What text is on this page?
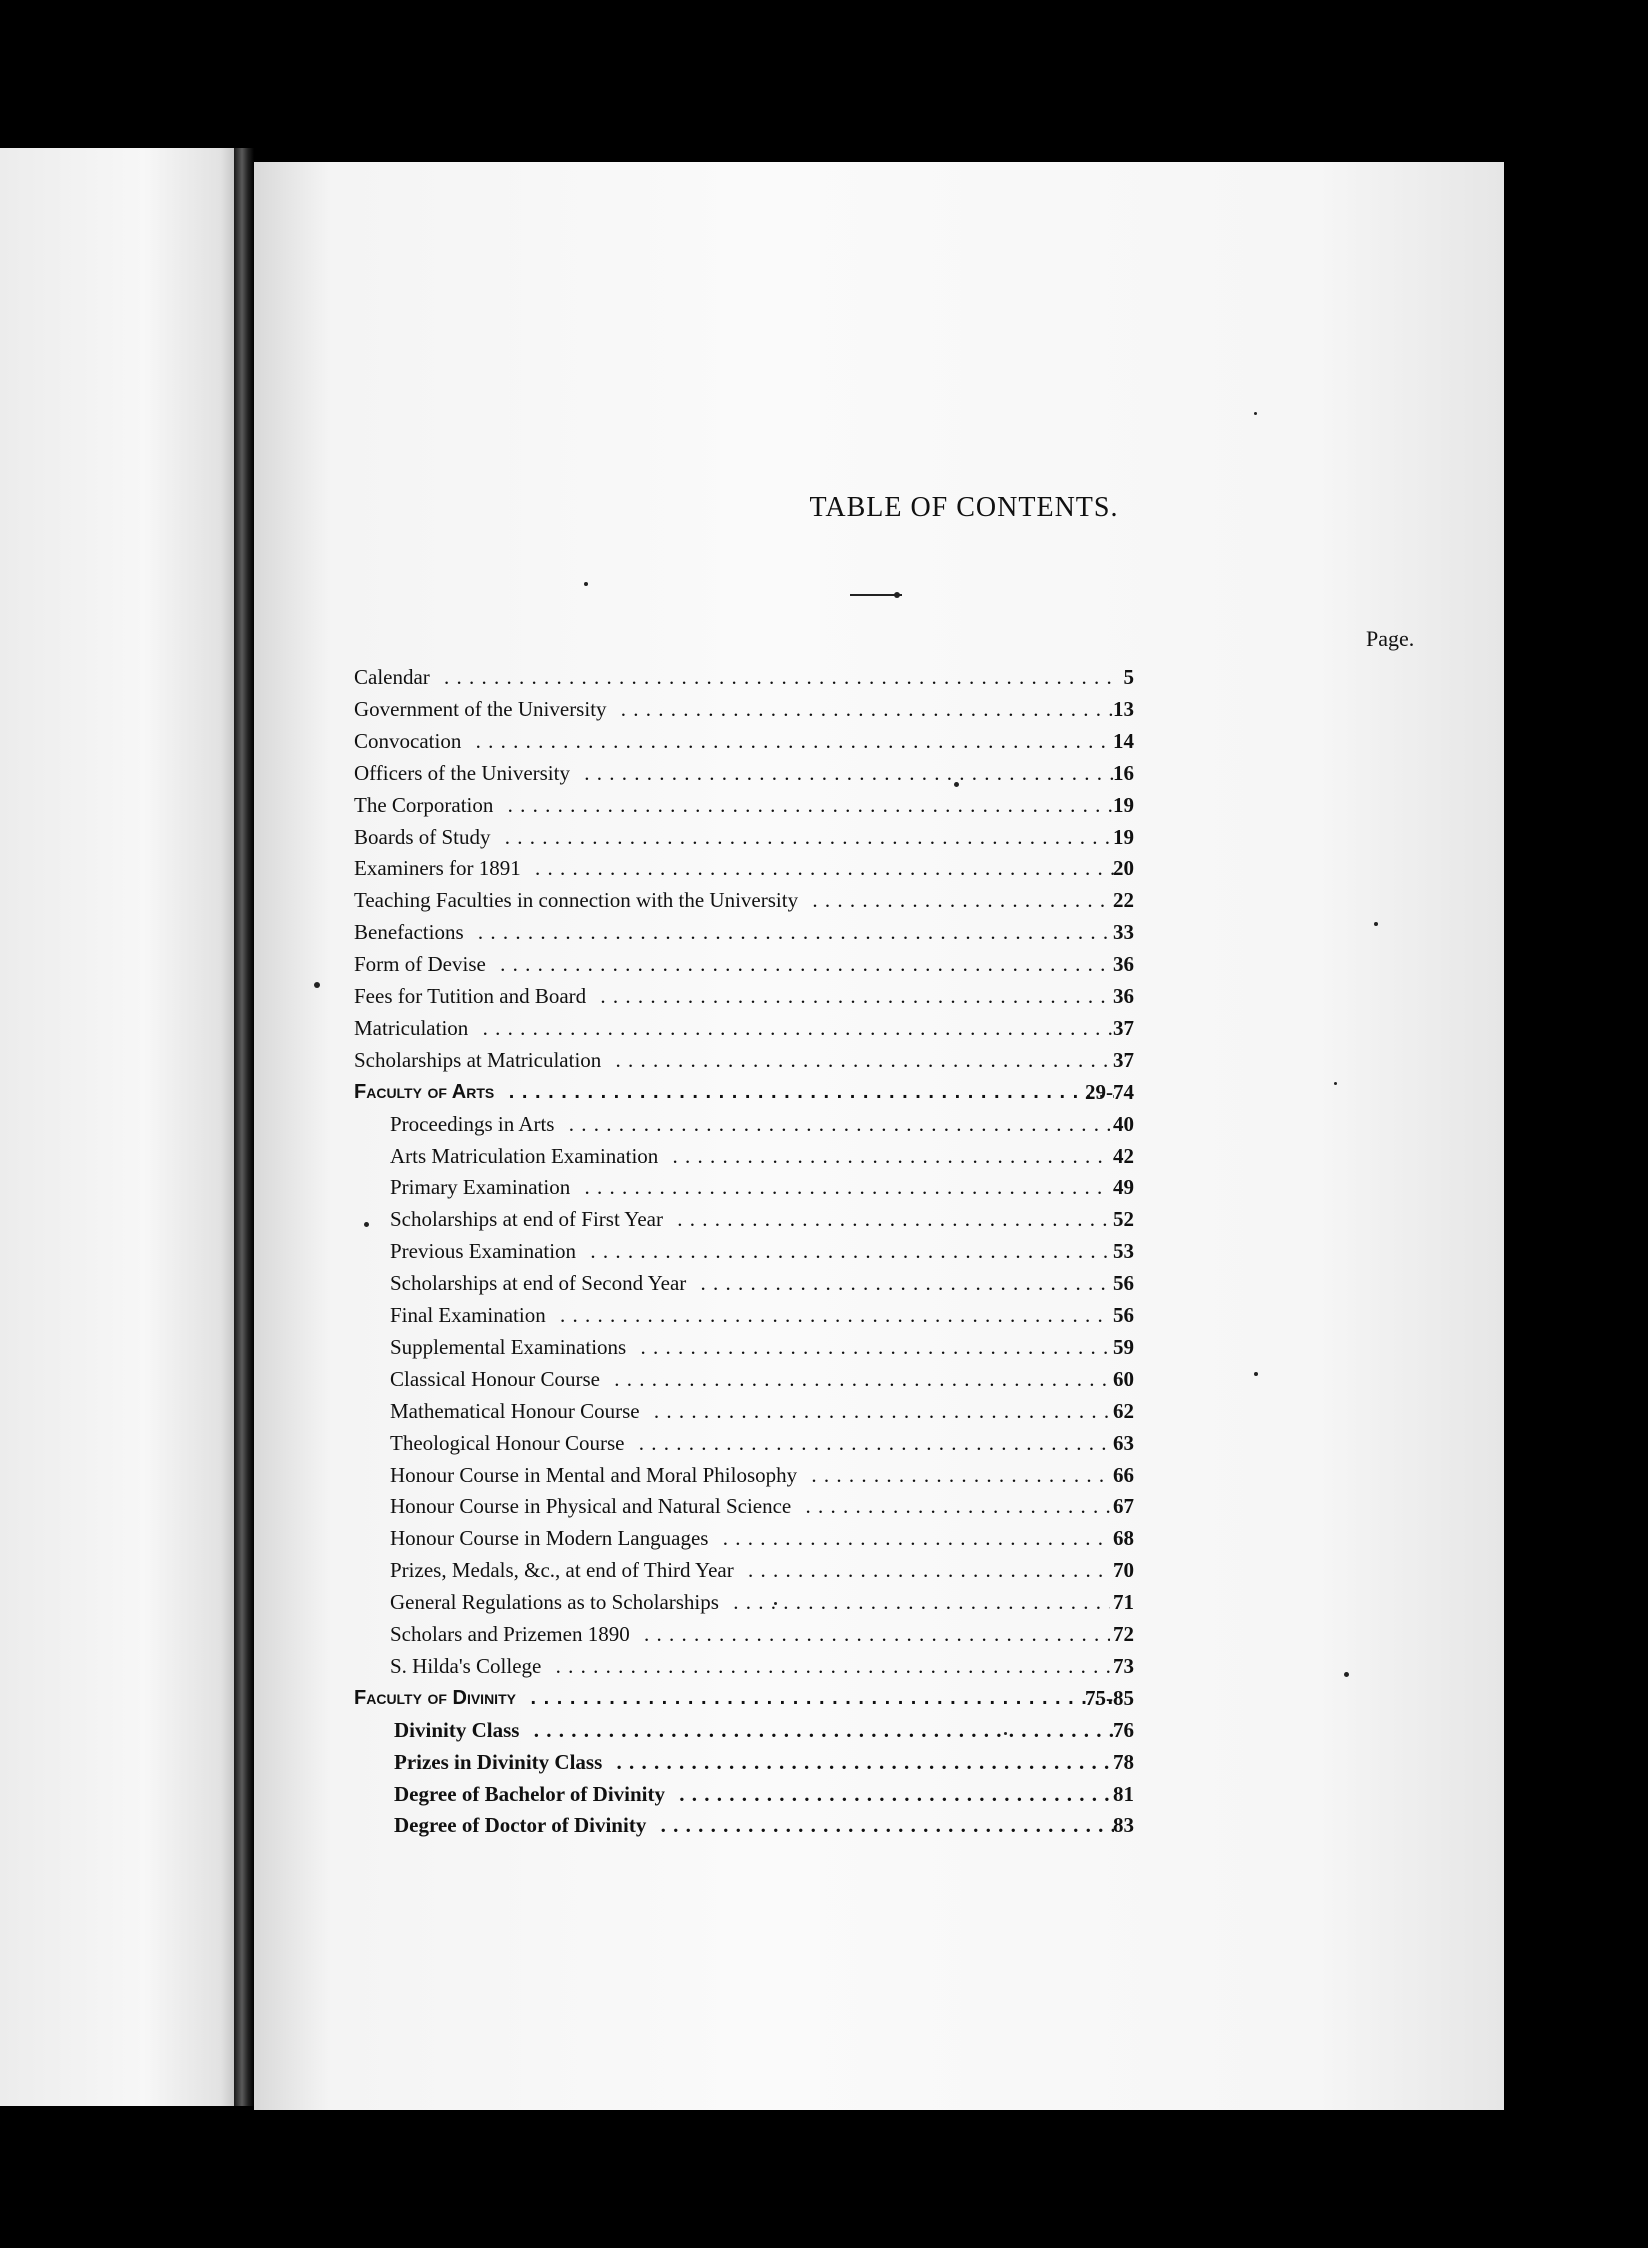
TABLE OF CONTENTS.
Page.
Calendar . . .	5
Government of the University . . .	13
Convocation . . .	14
Officers of the University . . .	16
The Corporation . . .	19
Boards of Study . . .	19
Examiners for 1891 . . .	20
Teaching Faculties in connection with the University . . .	22
Benefactions . . .	33
Form of Devise . . .	36
Fees for Tutition and Board . . .	36
Matriculation . . .	37
Scholarships at Matriculation . . .	37
Faculty of Arts . . .	29-74
Proceedings in Arts . . .	40
Arts Matriculation Examination . . .	42
Primary Examination . . .	49
Scholarships at end of First Year . . .	52
Previous Examination . . .	53
Scholarships at end of Second Year . . .	56
Final Examination . . .	56
Supplemental Examinations . . .	59
Classical Honour Course . . .	60
Mathematical Honour Course . . .	62
Theological Honour Course . . .	63
Honour Course in Mental and Moral Philosophy . . .	66
Honour Course in Physical and Natural Science . . .	67
Honour Course in Modern Languages . . .	68
Prizes, Medals, &c., at end of Third Year . . .	70
General Regulations as to Scholarships . . .	71
Scholars and Prizemen 1890 . . .	72
S. Hilda's College . . .	73
Faculty of Divinity . . .	75-85
Divinity Class . . .	76
Prizes in Divinity Class . . .	78
Degree of Bachelor of Divinity . . .	81
Degree of Doctor of Divinity . . .	83
